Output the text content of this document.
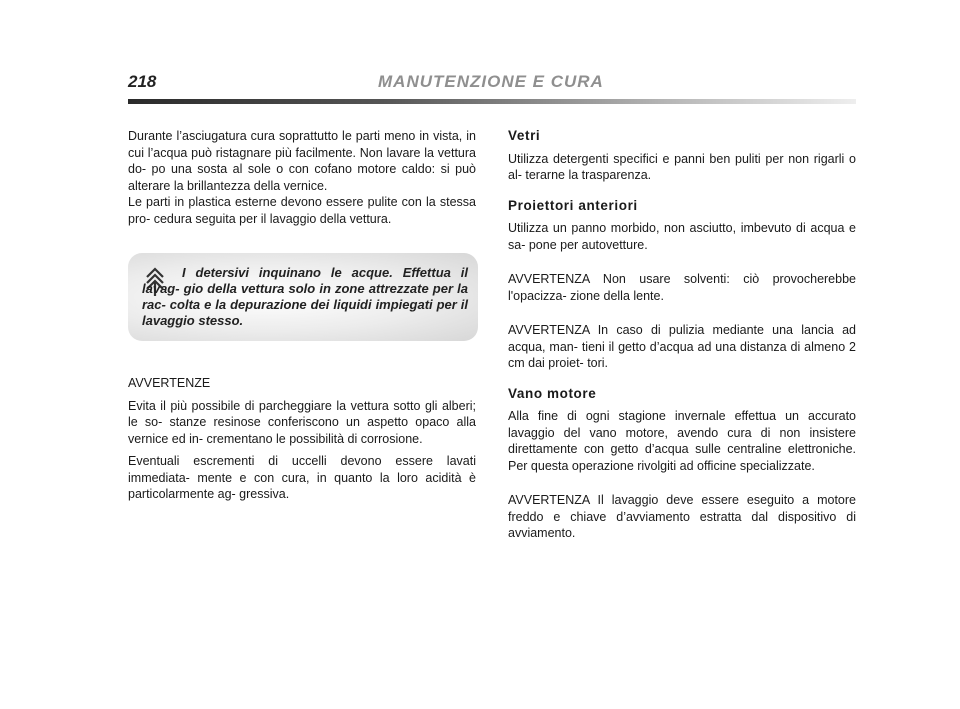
218	MANUTENZIONE E CURA

Durante l’asciugatura cura soprattutto le parti meno in vista, in cui l’acqua può ristagnare più facilmente. Non lavare la vettura do- po una sosta al sole o con cofano motore caldo: si può alterare la brillantezza della vernice.

Le parti in plastica esterne devono essere pulite con la stessa pro- cedura seguita per il lavaggio della vettura.

I detersivi inquinano le acque. Effettua il lavag- gio della vettura solo in zone attrezzate per la rac- colta e la depurazione dei liquidi impiegati per il lavaggio stesso.

AVVERTENZE

Evita il più possibile di parcheggiare la vettura sotto gli alberi; le so- stanze resinose conferiscono un aspetto opaco alla vernice ed in- crementano le possibilità di corrosione.

Eventuali escrementi di uccelli devono essere lavati immediata- mente e con cura, in quanto la loro acidità è particolarmente ag- gressiva.

Vetri

Utilizza detergenti specifici e panni ben puliti per non rigarli o al- terarne la trasparenza.

Proiettori anteriori

Utilizza un panno morbido, non asciutto, imbevuto di acqua e sa- pone per autovetture.

AVVERTENZA Non usare solventi: ciò provocherebbe l'opacizza- zione della lente.

AVVERTENZA In caso di pulizia mediante una lancia ad acqua, man- tieni il getto d’acqua ad una distanza di almeno 2 cm dai proiet- tori.

Vano motore

Alla fine di ogni stagione invernale effettua un accurato lavaggio del vano motore, avendo cura di non insistere direttamente con getto d’acqua sulle centraline elettroniche. Per questa operazione rivolgiti ad officine specializzate.

AVVERTENZA Il lavaggio deve essere eseguito a motore freddo e chiave d’avviamento estratta dal dispositivo di avviamento.
